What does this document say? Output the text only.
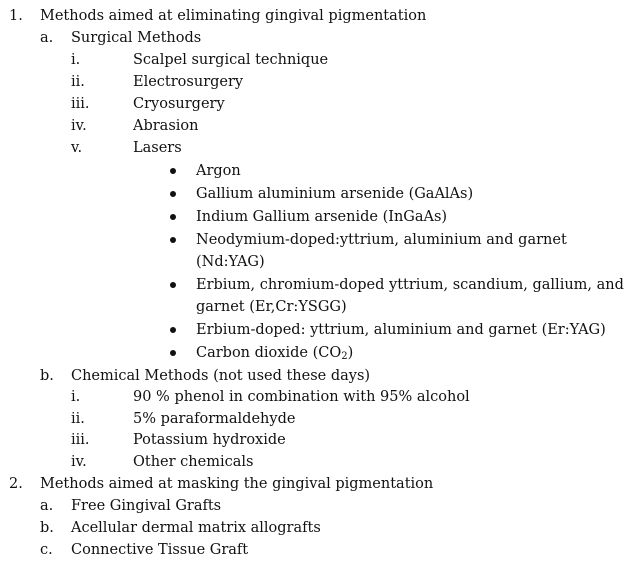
1. Methods aimed at eliminating gingival pigmentation
a. Surgical Methods
i.	Scalpel surgical technique
ii.	Electrosurgery
iii.	Cryosurgery
iv.	Abrasion
v.	Lasers
Argon
Gallium aluminium arsenide (GaAlAs)
Indium Gallium arsenide (InGaAs)
Neodymium-doped:yttrium, aluminium and garnet
(Nd:YAG)
Erbium, chromium-doped yttrium, scandium, gallium, and
garnet (Er,Cr:YSGG)
Erbium-doped: yttrium, aluminium and garnet (Er:YAG)
Carbon dioxide $(CO_2)$
b. Chemical Methods (not used these days)
i.	90 % phenol in combination with 95% alcohol
ii.	5% paraformaldehyde
iii.	Potassium hydroxide
iv.	Other chemicals
2. Methods aimed at masking the gingival pigmentation
a. Free Gingival Grafts
b. Acellular dermal matrix allografts
c. Connective Tissue Graft
